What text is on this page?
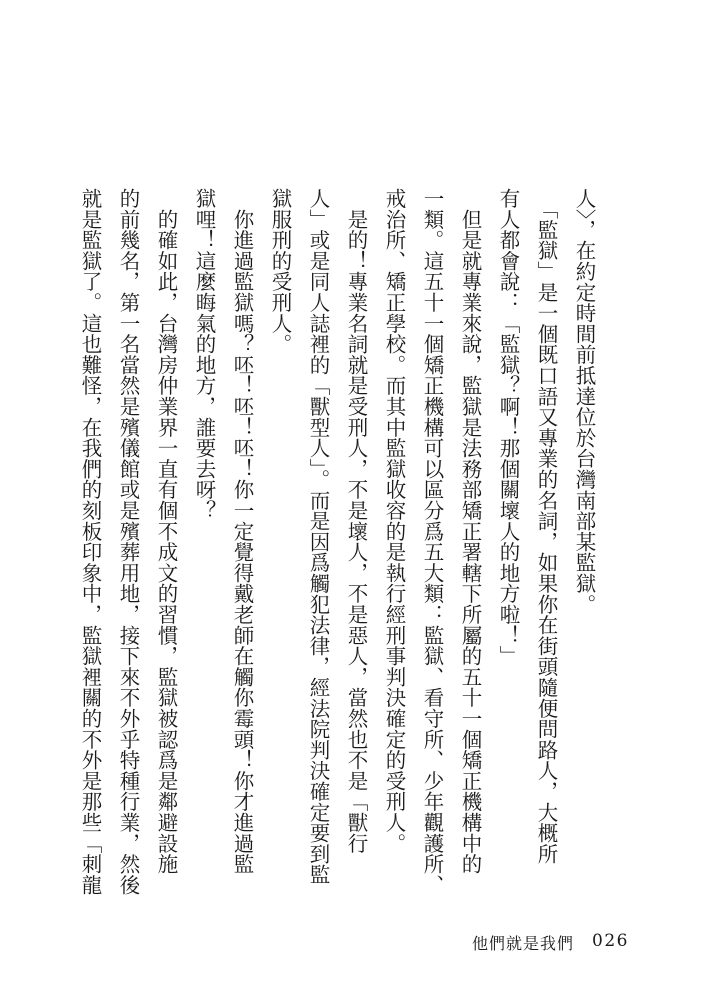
人〉，在約定時間前抵達位於台灣南部某監獄。

　「監獄」是一個既口語又專業的名詞，如果你在街頭隨便問路人，大概所

有人都會說：「監獄？啊！那個關壞人的地方啦！」

　但是就專業來說，監獄是法務部矯正署轄下所屬的五十一個矯正機構中的

一類。這五十一個矯正機構可以區分爲五大類：監獄、看守所、少年觀護所、

戒治所、矯正學校。而其中監獄收容的是執行經刑事判決確定的受刑人。

　是的！專業名詞就是受刑人，不是壞人，不是惡人，當然也不是「獸行

人」或是同人誌裡的「獸型人」。而是因爲觸犯法律，經法院判決確定要到監

獄服刑的受刑人。

　你進過監獄嗎？呸！呸！呸！你一定覺得戴老師在觸你霉頭！你才進過監

獄哩！這麼晦氣的地方，誰要去呀？

　的確如此，台灣房仲業界一直有個不成文的習慣，監獄被認爲是鄰避設施

的前幾名，第一名當然是殯儀館或是殯葬用地，接下來不外乎特種行業，然後

就是監獄了。這也難怪，在我們的刻板印象中，監獄裡關的不外是那些「刺龍

他們就是我們 026
